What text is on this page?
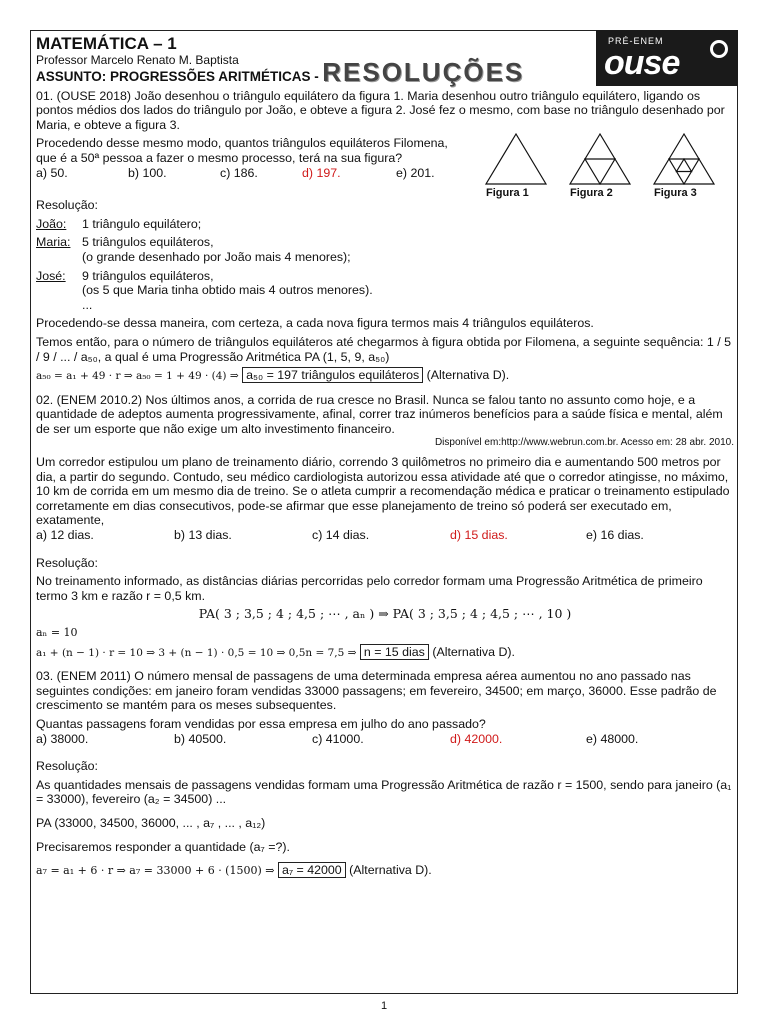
PRÉ-ENEM
ouse
Figura 1	Figura 2	Figura 3
MATEMÁTICA – 1
Professor Marcelo Renato M. Baptista
ASSUNTO: PROGRESSÕES ARITMÉTICAS - RESOLUÇÕES

01. (OUSE 2018) João desenhou o triângulo equilátero da figura 1. Maria desenhou outro triângulo equilátero, ligando os pontos médios dos lados do triângulo por João, e obteve a figura 2. José fez o mesmo, com base no triângulo desenhado por Maria, e obteve a figura 3.

Procedendo desse mesmo modo, quantos triângulos equiláteros Filomena, que é a 50ª pessoa a fazer o mesmo processo, terá na sua figura?

a) 50.	b) 100.	c) 186.	d) 197.	e) 201.

Resolução:

João:	1 triângulo equilátero;
Maria: 5 triângulos equiláteros,
(o grande desenhado por João mais 4 menores);
José:	9 triângulos equiláteros,
(os 5 que Maria tinha obtido mais 4 outros menores).
...

Procedendo-se dessa maneira, com certeza, a cada nova figura termos mais 4 triângulos equiláteros.

Temos então, para o número de triângulos equiláteros até chegarmos à figura obtida por Filomena, a seguinte sequência: 1 / 5 / 9 / ... / a₅₀, a qual é uma Progressão Aritmética PA (1, 5, 9, a₅₀)

a₅₀ = a₁ + 49 · r ⇒ a₅₀ = 1 + 49 · (4) ⇒ a₅₀ = 197 triângulos equiláteros (Alternativa D).

02. (ENEM 2010.2) Nos últimos anos, a corrida de rua cresce no Brasil. Nunca se falou tanto no assunto como hoje, e a quantidade de adeptos aumenta progressivamente, afinal, correr traz inúmeros benefícios para a saúde física e mental, além de ser um esporte que não exige um alto investimento financeiro.

Disponível em:http://www.webrun.com.br. Acesso em: 28 abr. 2010.

Um corredor estipulou um plano de treinamento diário, correndo 3 quilômetros no primeiro dia e aumentando 500 metros por dia, a partir do segundo. Contudo, seu médico cardiologista autorizou essa atividade até que o corredor atingisse, no máximo, 10 km de corrida em um mesmo dia de treino. Se o atleta cumprir a recomendação médica e praticar o treinamento estipulado corretamente em dias consecutivos, pode-se afirmar que esse planejamento de treino só poderá ser executado em, exatamente,

a) 12 dias.	b) 13 dias.	c) 14 dias.	d) 15 dias.	e) 16 dias.

Resolução:

No treinamento informado, as distâncias diárias percorridas pelo corredor formam uma Progressão Aritmética de primeiro termo 3 km e razão r = 0,5 km.

PA( 3 ; 3,5 ; 4 ; 4,5 ; ⋯ , aₙ ) ⇒ PA( 3 ; 3,5 ; 4 ; 4,5 ; ⋯ , 10 )
aₙ = 10
a₁ + (n − 1) · r = 10 ⇒ 3 + (n − 1) · 0,5 = 10 ⇒ 0,5n = 7,5 ⇒ n = 15 dias (Alternativa D).

03. (ENEM 2011) O número mensal de passagens de uma determinada empresa aérea aumentou no ano passado nas seguintes condições: em janeiro foram vendidas 33000 passagens; em fevereiro, 34500; em março, 36000. Esse padrão de crescimento se mantém para os meses subsequentes.

Quantas passagens foram vendidas por essa empresa em julho do ano passado?

a) 38000.	b) 40500.	c) 41000.	d) 42000.	e) 48000.

Resolução:

As quantidades mensais de passagens vendidas formam uma Progressão Aritmética de razão r = 1500, sendo para janeiro (a₁ = 33000), fevereiro (a₂ = 34500) ...

PA (33000, 34500, 36000, ... , a₇ , ... , a₁₂)

Precisaremos responder a quantidade (a₇ =?).

a₇ = a₁ + 6 · r ⇒ a₇ = 33000 + 6 · (1500) ⇒ a₇ = 42000 (Alternativa D).
1
